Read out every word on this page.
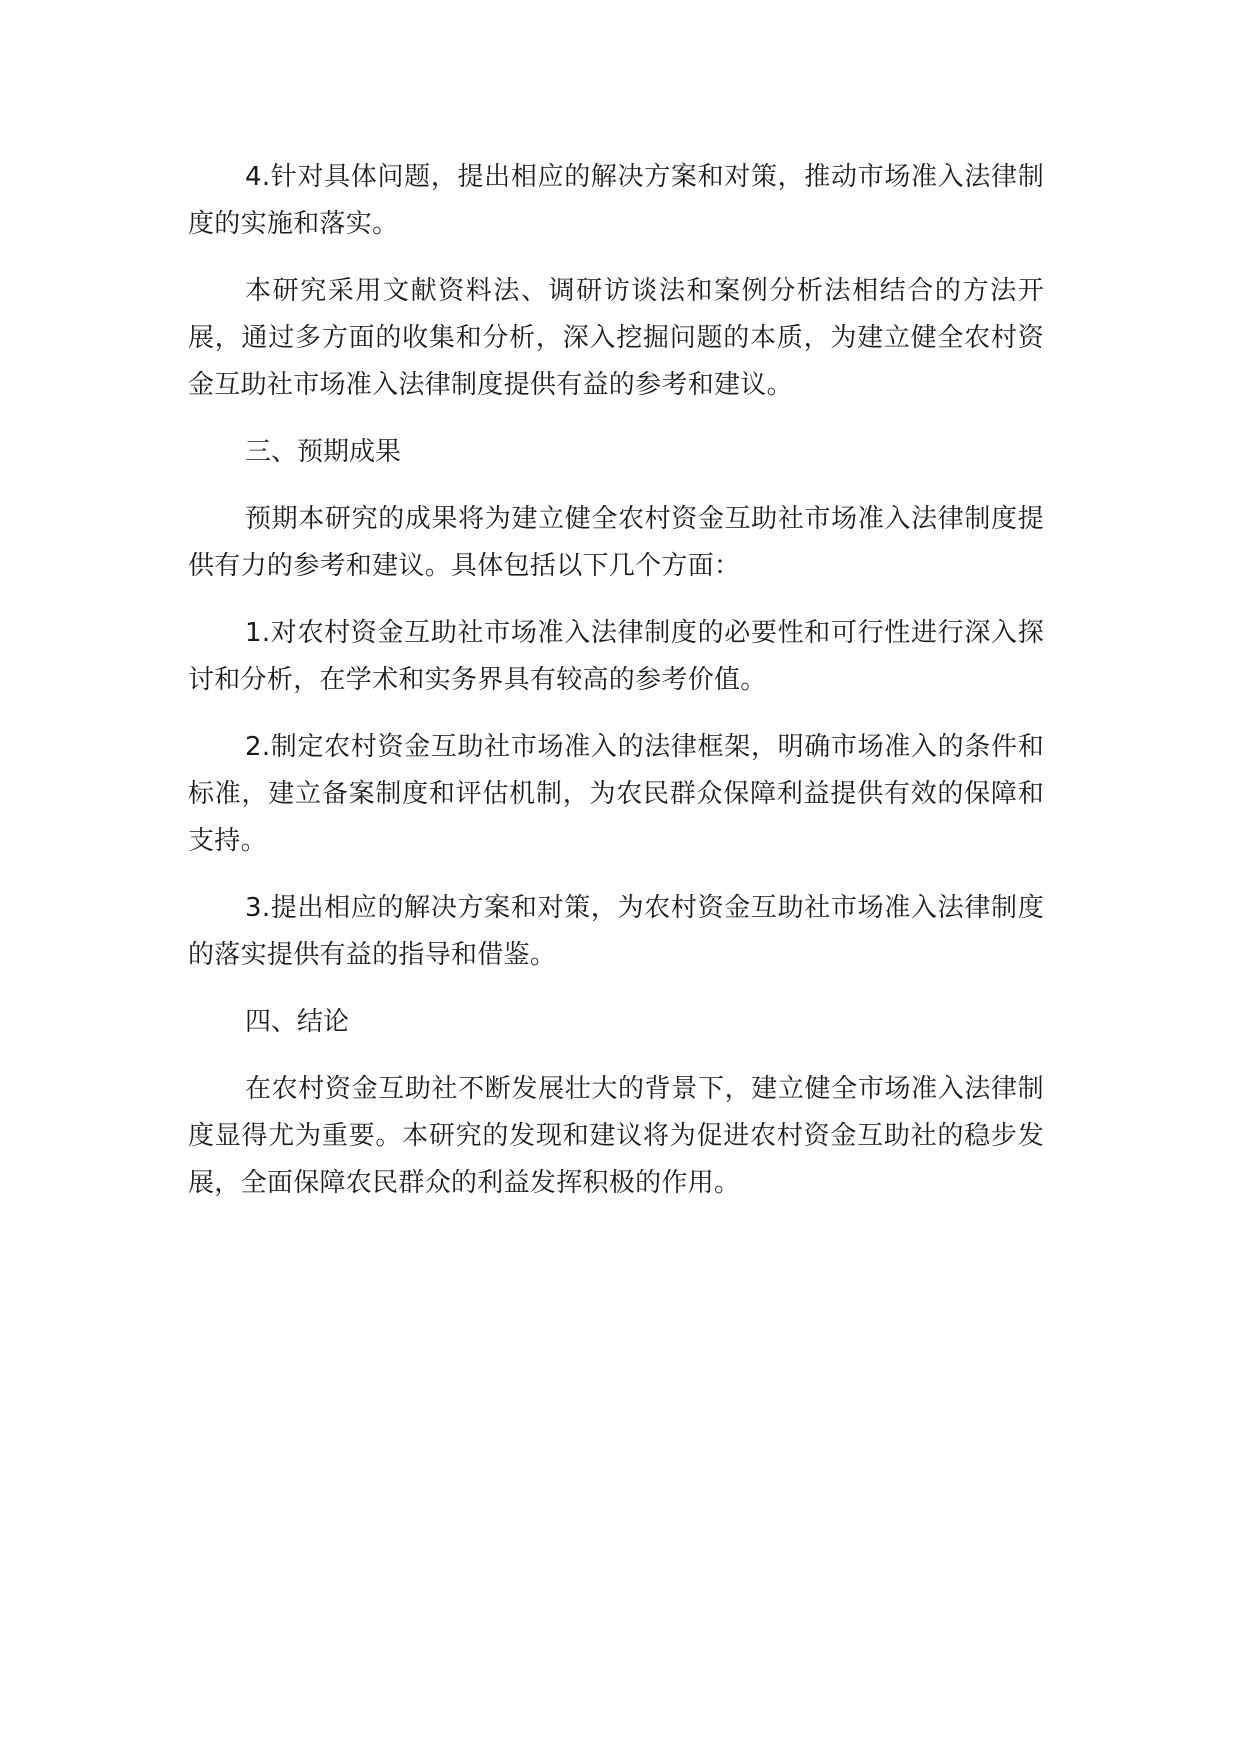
4.针对具体问题，提出相应的解决方案和对策，推动市场准入法律制度的实施和落实。

本研究采用文献资料法、调研访谈法和案例分析法相结合的方法开展，通过多方面的收集和分析，深入挖掘问题的本质，为建立健全农村资金互助社市场准入法律制度提供有益的参考和建议。

三、预期成果

预期本研究的成果将为建立健全农村资金互助社市场准入法律制度提供有力的参考和建议。具体包括以下几个方面：

1.对农村资金互助社市场准入法律制度的必要性和可行性进行深入探讨和分析，在学术和实务界具有较高的参考价值。

2.制定农村资金互助社市场准入的法律框架，明确市场准入的条件和标准，建立备案制度和评估机制，为农民群众保障利益提供有效的保障和支持。

3.提出相应的解决方案和对策，为农村资金互助社市场准入法律制度的落实提供有益的指导和借鉴。

四、结论

在农村资金互助社不断发展壮大的背景下，建立健全市场准入法律制度显得尤为重要。本研究的发现和建议将为促进农村资金互助社的稳步发展，全面保障农民群众的利益发挥积极的作用。
